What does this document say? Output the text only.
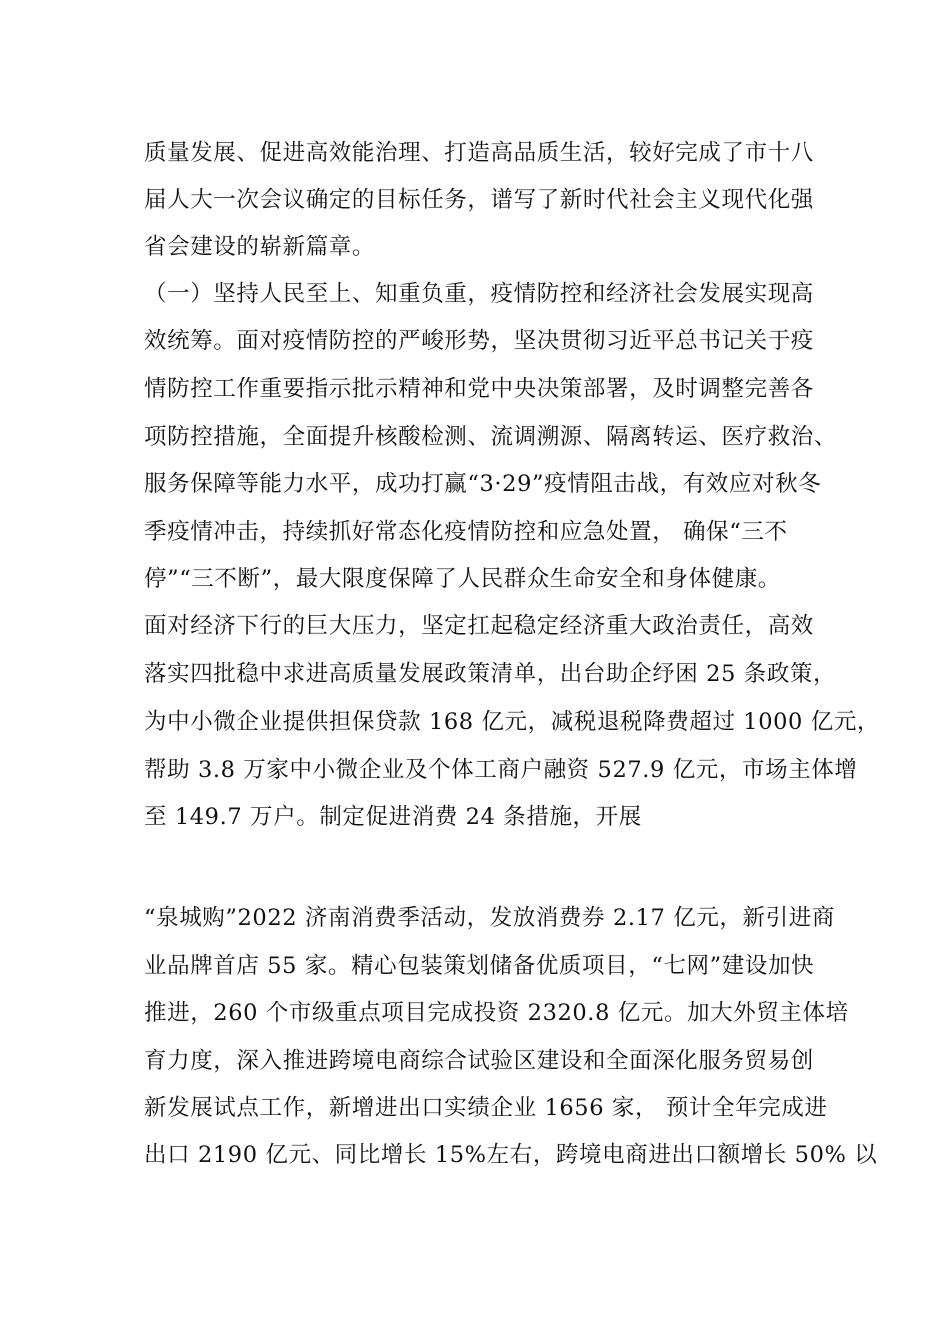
质量发展、促进高效能治理、打造高品质生活，较好完成了市十八
届人大一次会议确定的目标任务，谱写了新时代社会主义现代化强
省会建设的崭新篇章。
（一）坚持人民至上、知重负重，疫情防控和经济社会发展实现高
效统筹。面对疫情防控的严峻形势，坚决贯彻习近平总书记关于疫
情防控工作重要指示批示精神和党中央决策部署，及时调整完善各
项防控措施，全面提升核酸检测、流调溯源、隔离转运、医疗救治、
服务保障等能力水平，成功打赢“3·29”疫情阻击战，有效应对秋冬
季疫情冲击，持续抓好常态化疫情防控和应急处置， 确保“三不
停”“三不断”，最大限度保障了人民群众生命安全和身体健康。
面对经济下行的巨大压力，坚定扛起稳定经济重大政治责任，高效
落实四批稳中求进高质量发展政策清单，出台助企纾困 25 条政策，
为中小微企业提供担保贷款 168 亿元，减税退税降费超过 1000 亿元，
帮助 3.8 万家中小微企业及个体工商户融资 527.9 亿元，市场主体增
至 149.7 万户。制定促进消费 24 条措施，开展
“泉城购”2022 济南消费季活动，发放消费券 2.17 亿元，新引进商
业品牌首店 55 家。精心包装策划储备优质项目，“七网”建设加快
推进，260 个市级重点项目完成投资 2320.8 亿元。加大外贸主体培
育力度，深入推进跨境电商综合试验区建设和全面深化服务贸易创
新发展试点工作，新增进出口实绩企业 1656 家， 预计全年完成进
出口 2190 亿元、同比增长 15%左右，跨境电商进出口额增长 50% 以
